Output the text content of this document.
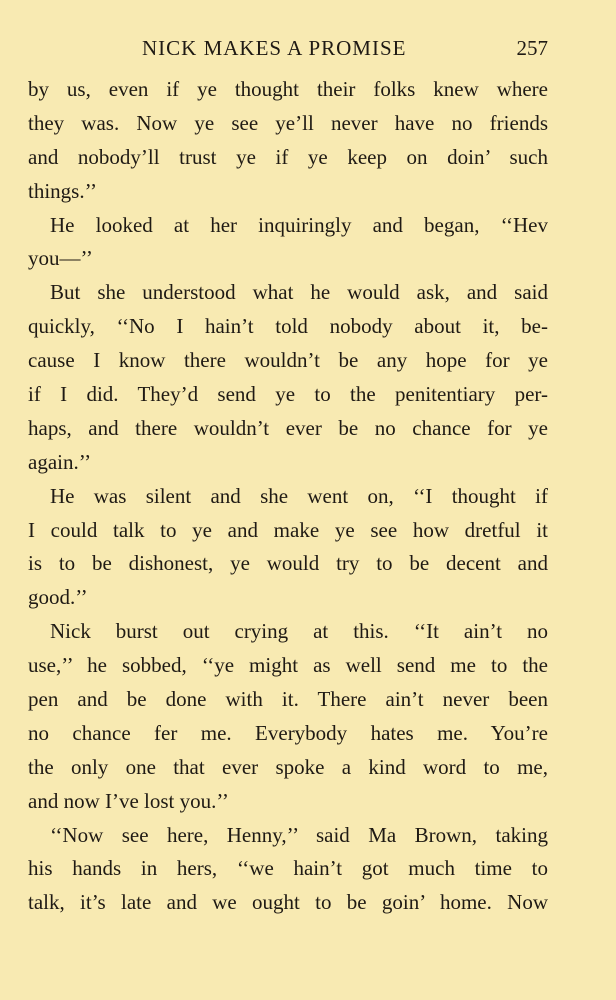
NICK MAKES A PROMISE	257
by us, even if ye thought their folks knew where
they was. Now ye see ye’ll never have no friends
and nobody’ll trust ye if ye keep on doin’ such
things.’’
He looked at her inquiringly and began, ‘‘Hev
you—’’
But she understood what he would ask, and said
quickly, ‘‘No I hain’t told nobody about it, be-
cause I know there wouldn’t be any hope for ye
if I did. They’d send ye to the penitentiary per-
haps, and there wouldn’t ever be no chance for ye
again.’’
He was silent and she went on, ‘‘I thought if
I could talk to ye and make ye see how dretful it
is to be dishonest, ye would try to be decent and
good.’’
Nick burst out crying at this. ‘‘It ain’t no
use,’’ he sobbed, ‘‘ye might as well send me to the
pen and be done with it. There ain’t never been
no chance fer me. Everybody hates me. You’re
the only one that ever spoke a kind word to me,
and now I’ve lost you.’’
‘‘Now see here, Henny,’’ said Ma Brown, taking
his hands in hers, ‘‘we hain’t got much time to
talk, it’s late and we ought to be goin’ home. Now
